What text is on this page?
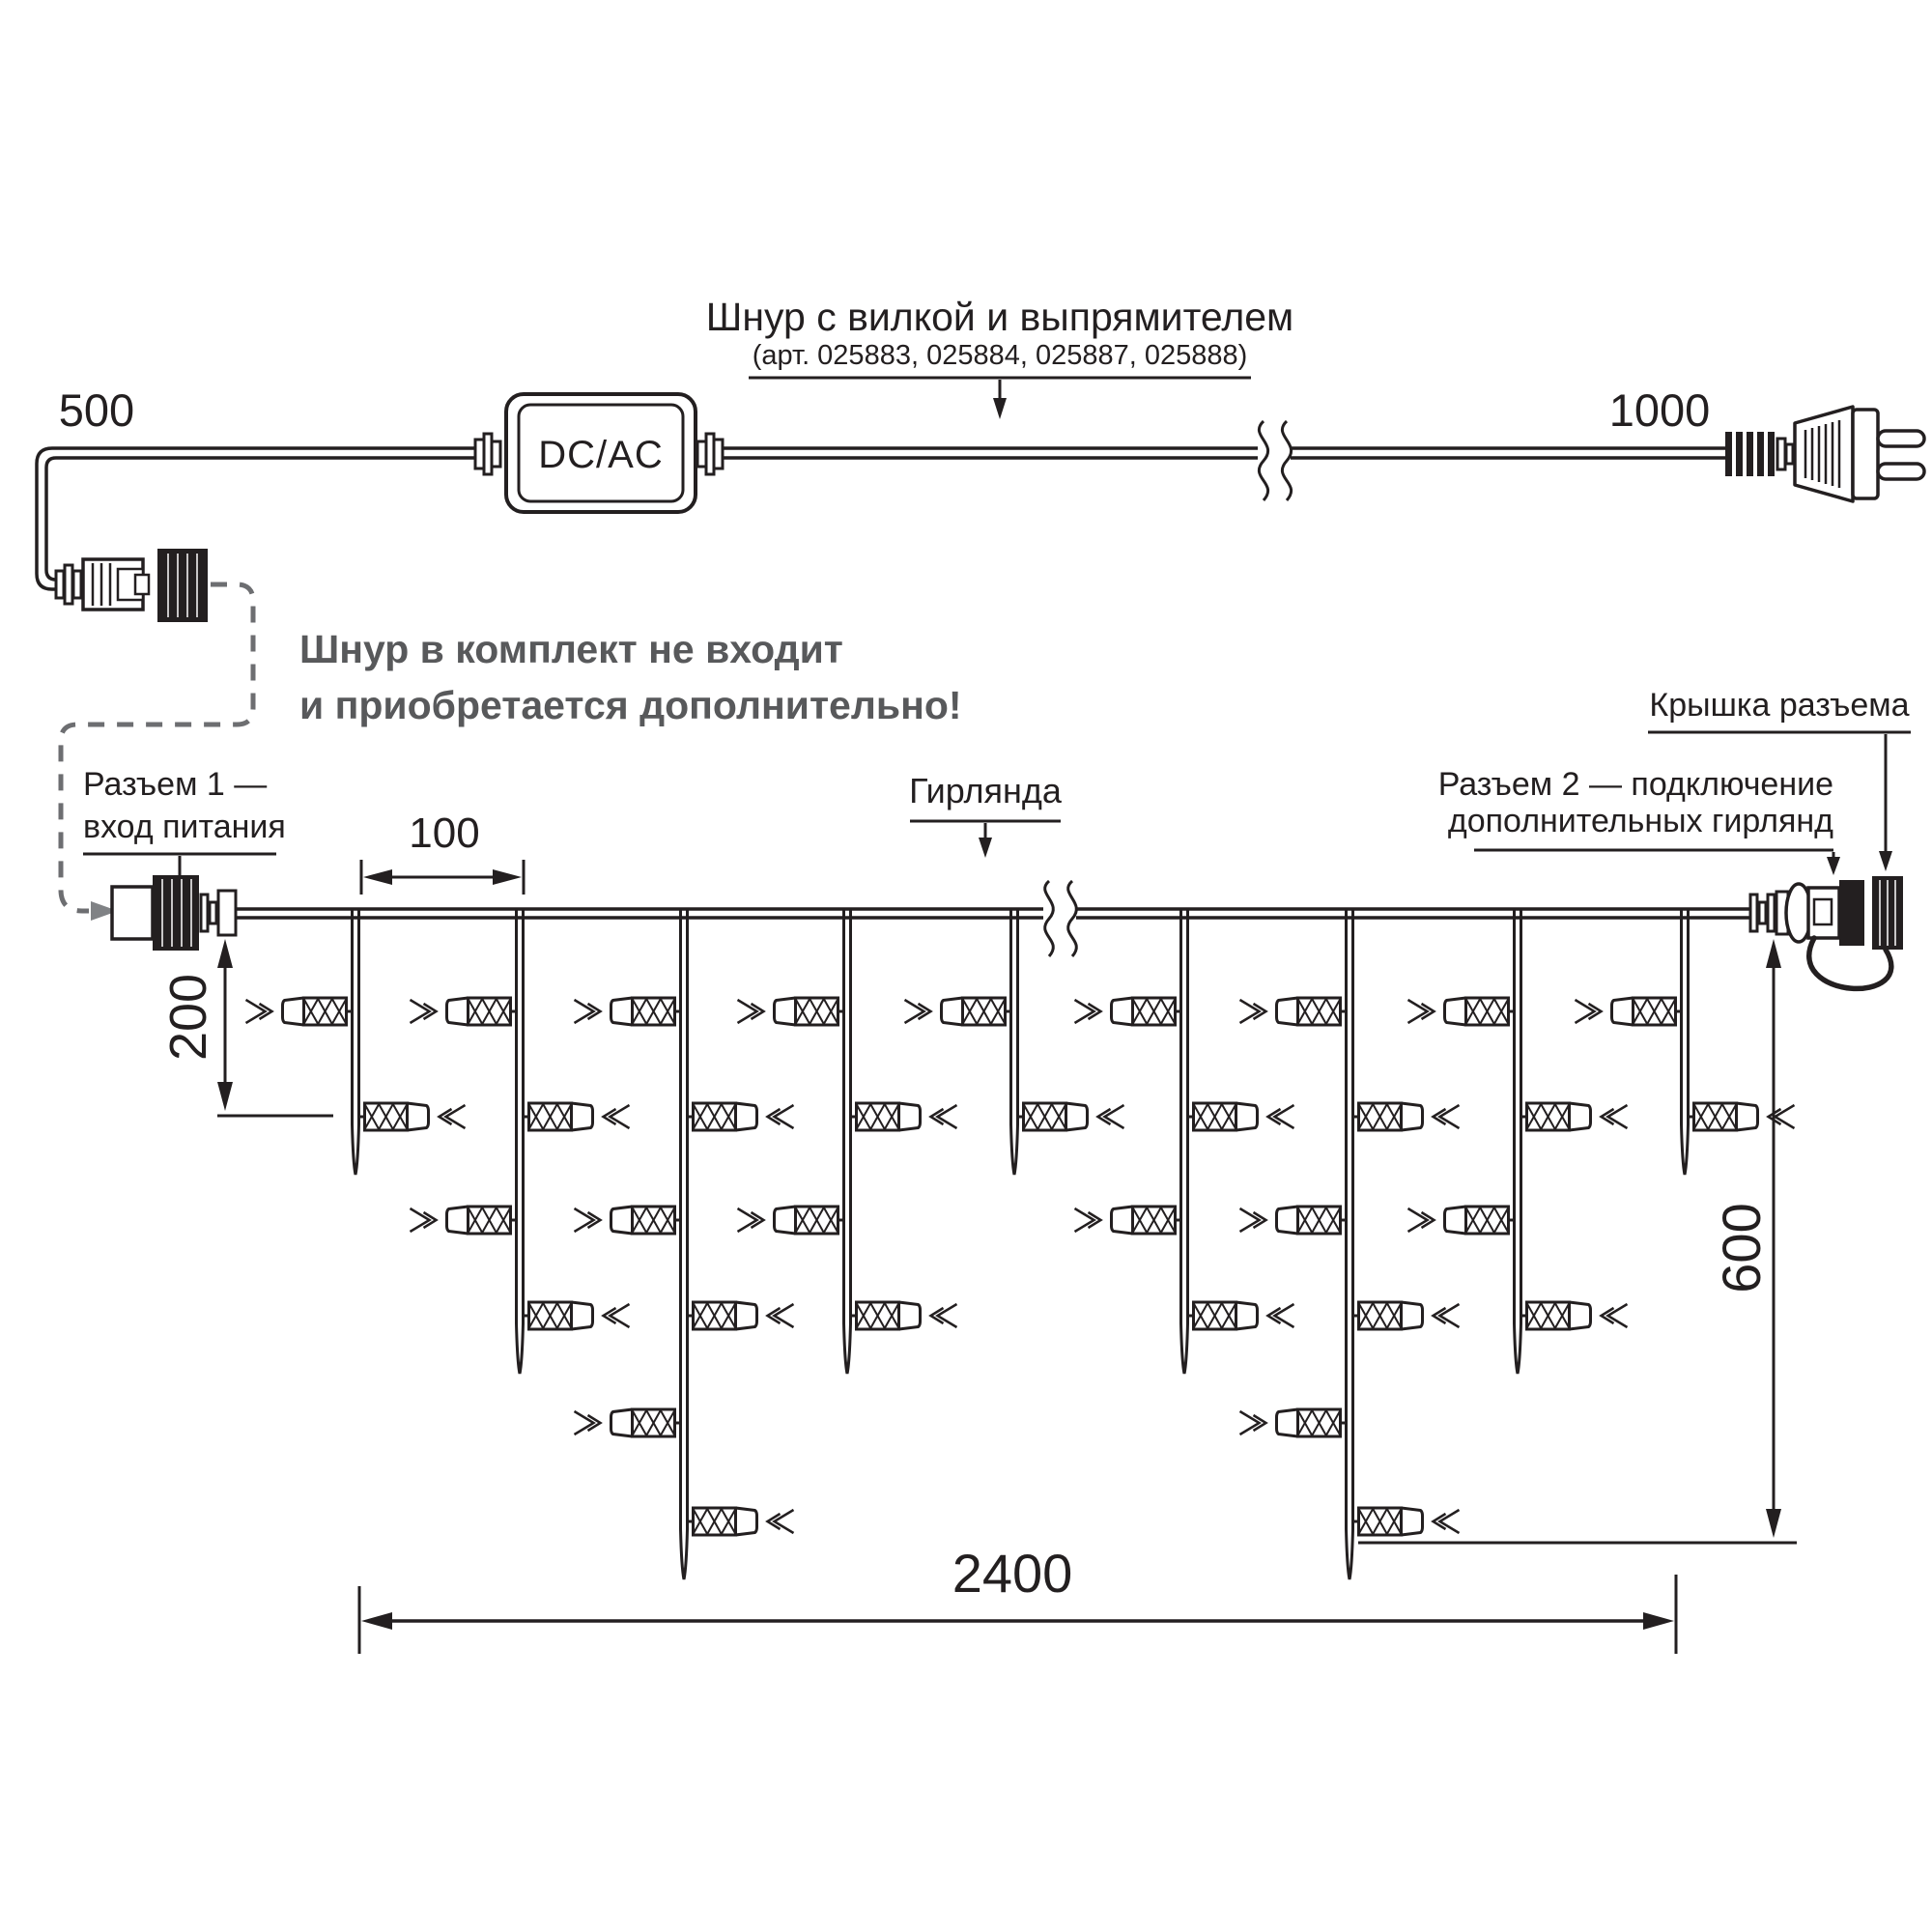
Шнур с вилкой и выпрямителем
(арт. 025883, 025884, 025887, 025888)
500	1000
DC/AC
Шнур в комплект не входит
и приобретается дополнительно!
Разъем 1 —
вход питания
Гирлянда
Крышка разъема
Разъем 2 — подключение
дополнительных гирлянд
100
200
600
2400
